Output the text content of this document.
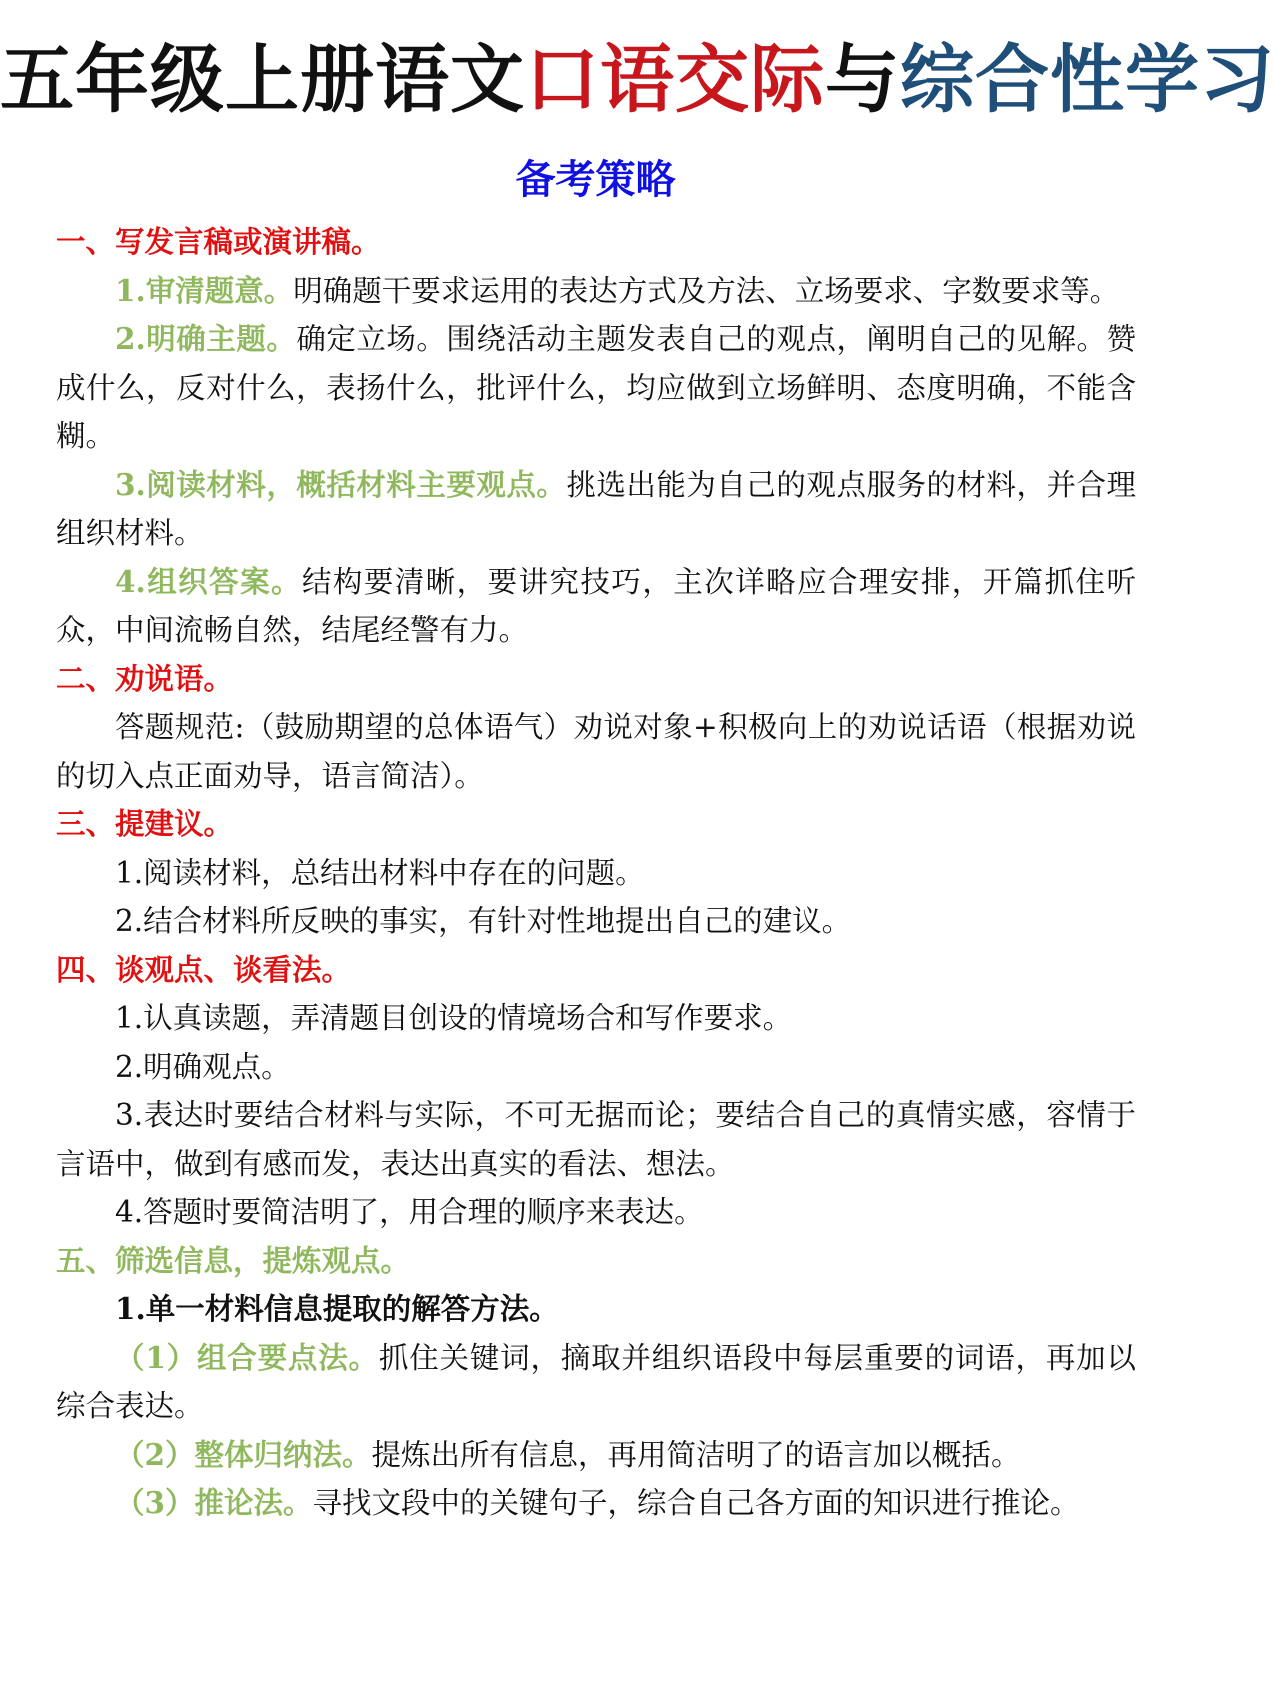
五年级上册语文口语交际与综合性学习
备考策略

一、写发言稿或演讲稿。

1.审清题意。明确题干要求运用的表达方式及方法、立场要求、字数要求等。

2.明确主题。确定立场。围绕活动主题发表自己的观点，阐明自己的见解。赞成什么，反对什么，表扬什么，批评什么，均应做到立场鲜明、态度明确，不能含糊。

3.阅读材料，概括材料主要观点。挑选出能为自己的观点服务的材料，并合理组织材料。

4.组织答案。结构要清晰，要讲究技巧，主次详略应合理安排，开篇抓住听众，中间流畅自然，结尾经警有力。

二、劝说语。

答题规范:（鼓励期望的总体语气）劝说对象+积极向上的劝说话语（根据劝说的切入点正面劝导，语言简洁）。

三、提建议。

1.阅读材料，总结出材料中存在的问题。

2.结合材料所反映的事实，有针对性地提出自己的建议。

四、谈观点、谈看法。

1.认真读题，弄清题目创设的情境场合和写作要求。

2.明确观点。

3.表达时要结合材料与实际，不可无据而论；要结合自己的真情实感，容情于言语中，做到有感而发，表达出真实的看法、想法。

4.答题时要简洁明了，用合理的顺序来表达。

五、筛选信息，提炼观点。

1.单一材料信息提取的解答方法。

（1）组合要点法。抓住关键词，摘取并组织语段中每层重要的词语，再加以综合表达。

（2）整体归纳法。提炼出所有信息，再用简洁明了的语言加以概括。

（3）推论法。寻找文段中的关键句子，综合自己各方面的知识进行推论。
